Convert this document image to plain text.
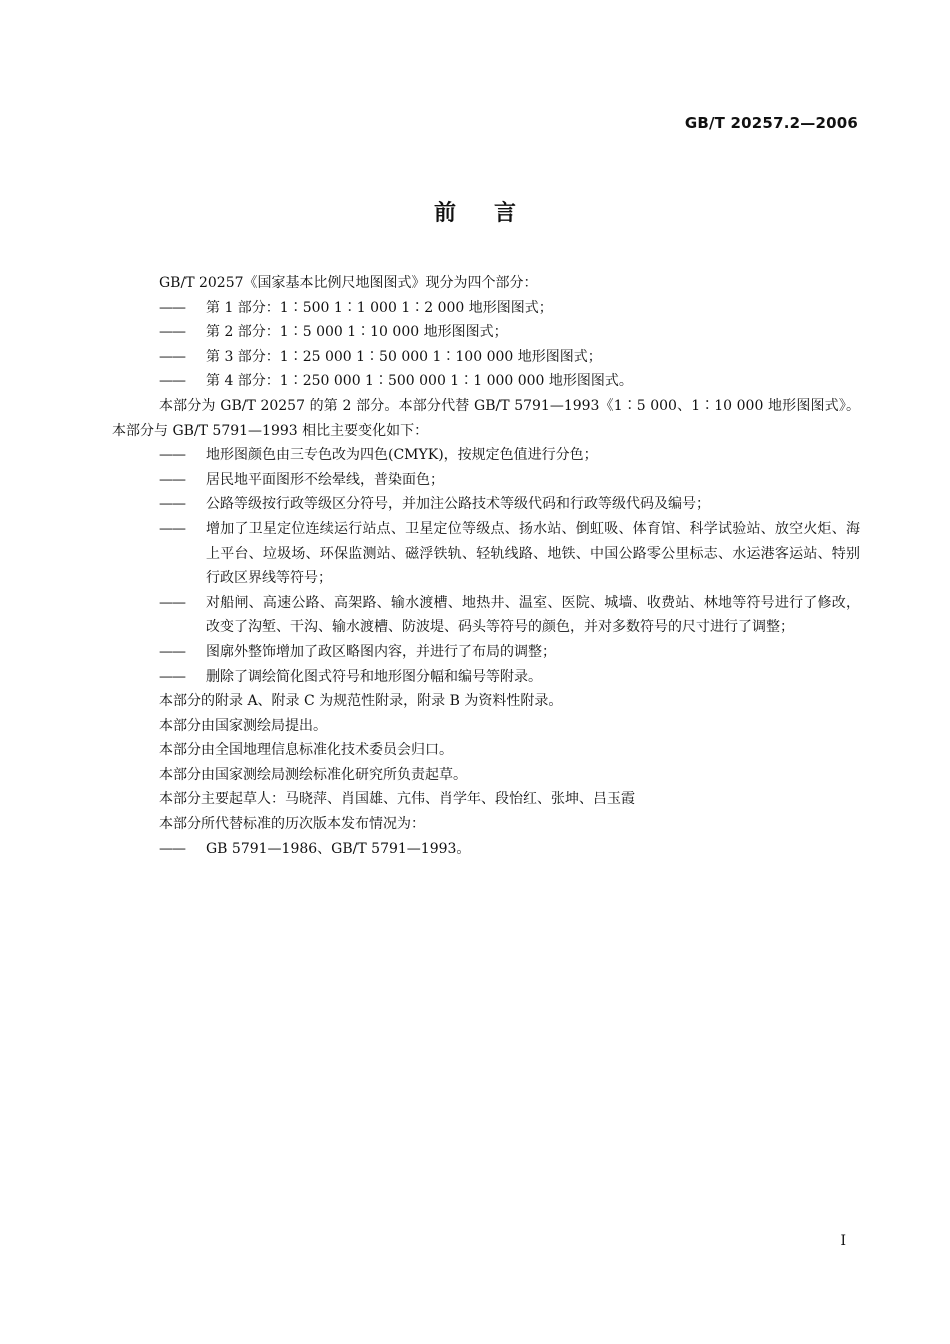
GB/T 20257.2—2006
前言

GB/T 20257《国家基本比例尺地图图式》现分为四个部分：

——	第 1 部分：1∶500 1∶1 000 1∶2 000 地形图图式；
——	第 2 部分：1∶5 000 1∶10 000 地形图图式；
——	第 3 部分：1∶25 000 1∶50 000 1∶100 000 地形图图式；
——	第 4 部分：1∶250 000 1∶500 000 1∶1 000 000 地形图图式。

本部分为 GB/T 20257 的第 2 部分。本部分代替 GB/T 5791—1993《1∶5 000、1∶10 000 地形图图式》。本部分与 GB/T 5791—1993 相比主要变化如下：

——	地形图颜色由三专色改为四色(CMYK)，按规定色值进行分色；
——	居民地平面图形不绘晕线，普染面色；
——	公路等级按行政等级区分符号，并加注公路技术等级代码和行政等级代码及编号；
——	增加了卫星定位连续运行站点、卫星定位等级点、扬水站、倒虹吸、体育馆、科学试验站、放空火炬、海上平台、垃圾场、环保监测站、磁浮铁轨、轻轨线路、地铁、中国公路零公里标志、水运港客运站、特别行政区界线等符号；
——	对船闸、高速公路、高架路、输水渡槽、地热井、温室、医院、城墙、收费站、林地等符号进行了修改，改变了沟堑、干沟、输水渡槽、防波堤、码头等符号的颜色，并对多数符号的尺寸进行了调整；
——	图廓外整饰增加了政区略图内容，并进行了布局的调整；
——	删除了调绘简化图式符号和地形图分幅和编号等附录。

本部分的附录 A、附录 C 为规范性附录，附录 B 为资料性附录。

本部分由国家测绘局提出。

本部分由全国地理信息标准化技术委员会归口。

本部分由国家测绘局测绘标准化研究所负责起草。

本部分主要起草人：马晓萍、肖国雄、亢伟、肖学年、段怡红、张坤、吕玉霞

本部分所代替标准的历次版本发布情况为：

——	GB 5791—1986、GB/T 5791—1993。
I
